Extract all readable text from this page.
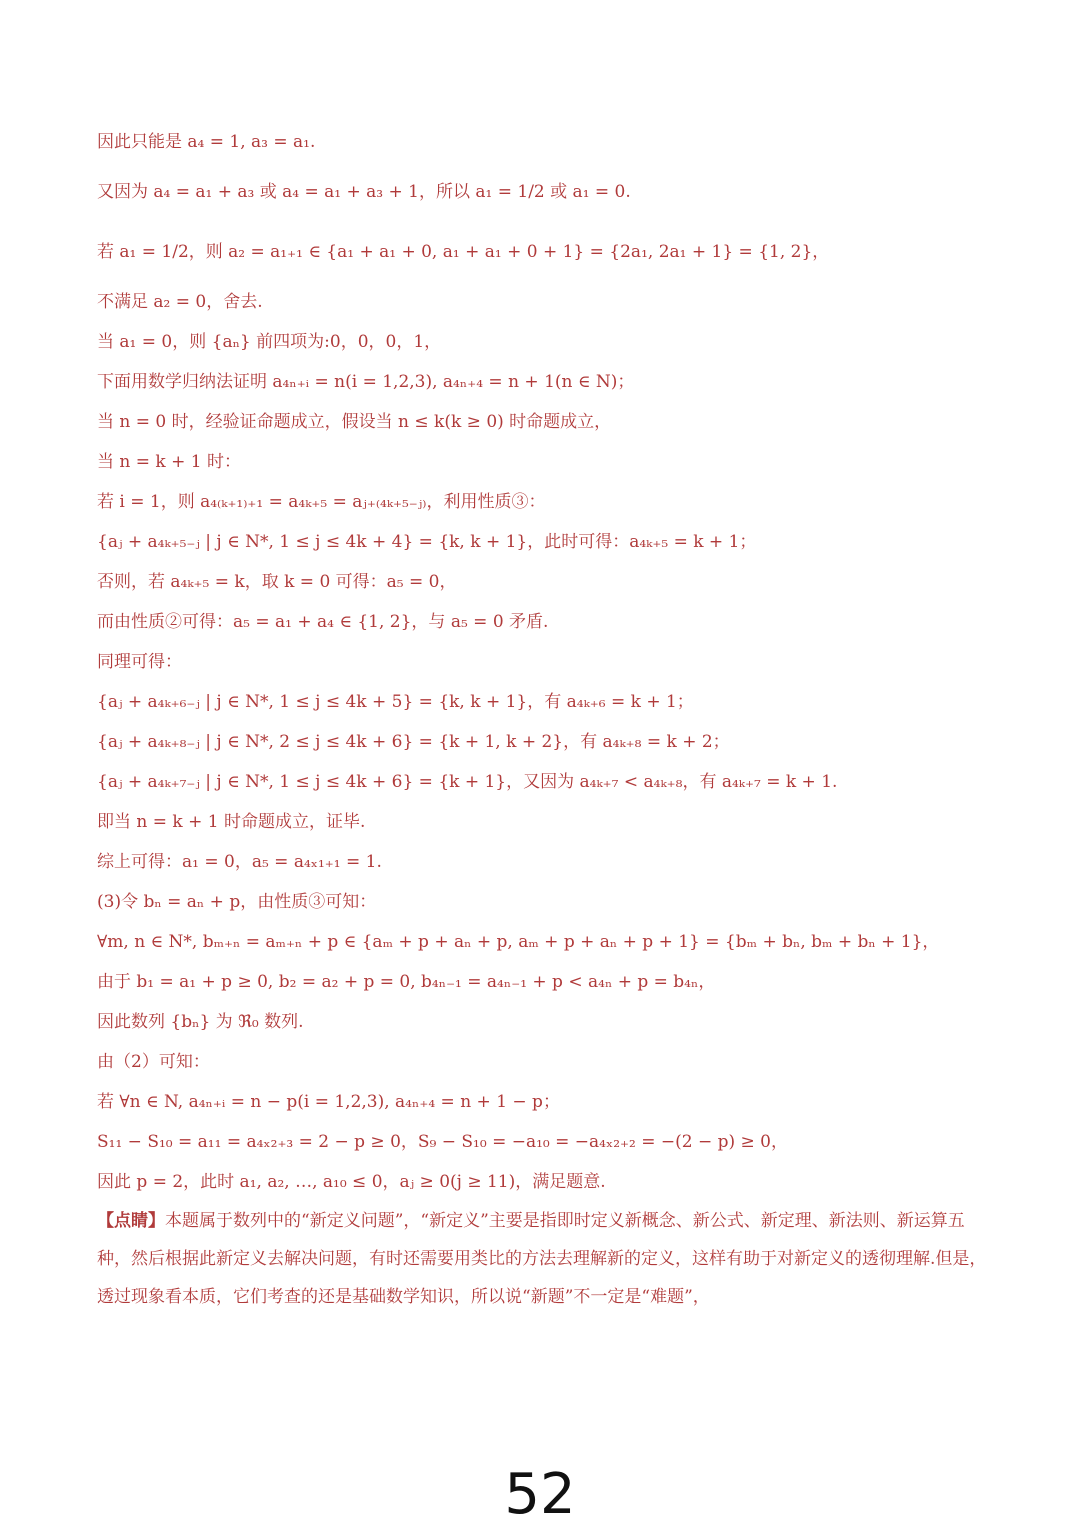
因此只能是 a₄ = 1, a₃ = a₁.
又因为 a₄ = a₁ + a₃ 或 a₄ = a₁ + a₃ + 1，所以 a₁ = 1/2 或 a₁ = 0.
若 a₁ = 1/2，则 a₂ = a₁₊₁ ∈ {a₁ + a₁ + 0, a₁ + a₁ + 0 + 1} = {2a₁, 2a₁ + 1} = {1, 2}，
不满足 a₂ = 0，舍去.
当 a₁ = 0，则 {aₙ} 前四项为:0，0，0，1，
下面用数学归纳法证明 a₄ₙ₊ᵢ = n(i = 1,2,3), a₄ₙ₊₄ = n + 1(n ∈ N)；
当 n = 0 时，经验证命题成立，假设当 n ≤ k(k ≥ 0) 时命题成立，
当 n = k + 1 时：
若 i = 1，则 a₄₍ₖ₊₁₎₊₁ = a₄ₖ₊₅ = aⱼ₊₍₄ₖ₊₅₋ⱼ₎，利用性质③：
{aⱼ + a₄ₖ₊₅₋ⱼ | j ∈ N*, 1 ≤ j ≤ 4k + 4} = {k, k + 1}，此时可得：a₄ₖ₊₅ = k + 1；
否则，若 a₄ₖ₊₅ = k，取 k = 0 可得：a₅ = 0，
而由性质②可得：a₅ = a₁ + a₄ ∈ {1, 2}，与 a₅ = 0 矛盾.
同理可得：
{aⱼ + a₄ₖ₊₆₋ⱼ | j ∈ N*, 1 ≤ j ≤ 4k + 5} = {k, k + 1}，有 a₄ₖ₊₆ = k + 1；
{aⱼ + a₄ₖ₊₈₋ⱼ | j ∈ N*, 2 ≤ j ≤ 4k + 6} = {k + 1, k + 2}，有 a₄ₖ₊₈ = k + 2；
{aⱼ + a₄ₖ₊₇₋ⱼ | j ∈ N*, 1 ≤ j ≤ 4k + 6} = {k + 1}，又因为 a₄ₖ₊₇ < a₄ₖ₊₈，有 a₄ₖ₊₇ = k + 1.
即当 n = k + 1 时命题成立，证毕.
综上可得：a₁ = 0，a₅ = a₄ₓ₁₊₁ = 1.
(3)令 bₙ = aₙ + p，由性质③可知：
∀m, n ∈ N*, bₘ₊ₙ = aₘ₊ₙ + p ∈ {aₘ + p + aₙ + p, aₘ + p + aₙ + p + 1} = {bₘ + bₙ, bₘ + bₙ + 1}，
由于 b₁ = a₁ + p ≥ 0, b₂ = a₂ + p = 0, b₄ₙ₋₁ = a₄ₙ₋₁ + p < a₄ₙ + p = b₄ₙ，
因此数列 {bₙ} 为 ℜ₀ 数列.
由（2）可知：
若 ∀n ∈ N, a₄ₙ₊ᵢ = n − p(i = 1,2,3), a₄ₙ₊₄ = n + 1 − p；
S₁₁ − S₁₀ = a₁₁ = a₄ₓ₂₊₃ = 2 − p ≥ 0，S₉ − S₁₀ = −a₁₀ = −a₄ₓ₂₊₂ = −(2 − p) ≥ 0，
因此 p = 2，此时 a₁, a₂, …, a₁₀ ≤ 0，aⱼ ≥ 0(j ≥ 11)，满足题意.
【点睛】本题属于数列中的“新定义问题”，“新定义”主要是指即时定义新概念、新公式、新定理、新法则、新运算五种，然后根据此新定义去解决问题，有时还需要用类比的方法去理解新的定义，这样有助于对新定义的透彻理解.但是，透过现象看本质，它们考查的还是基础数学知识，所以说“新题”不一定是“难题”，
52
